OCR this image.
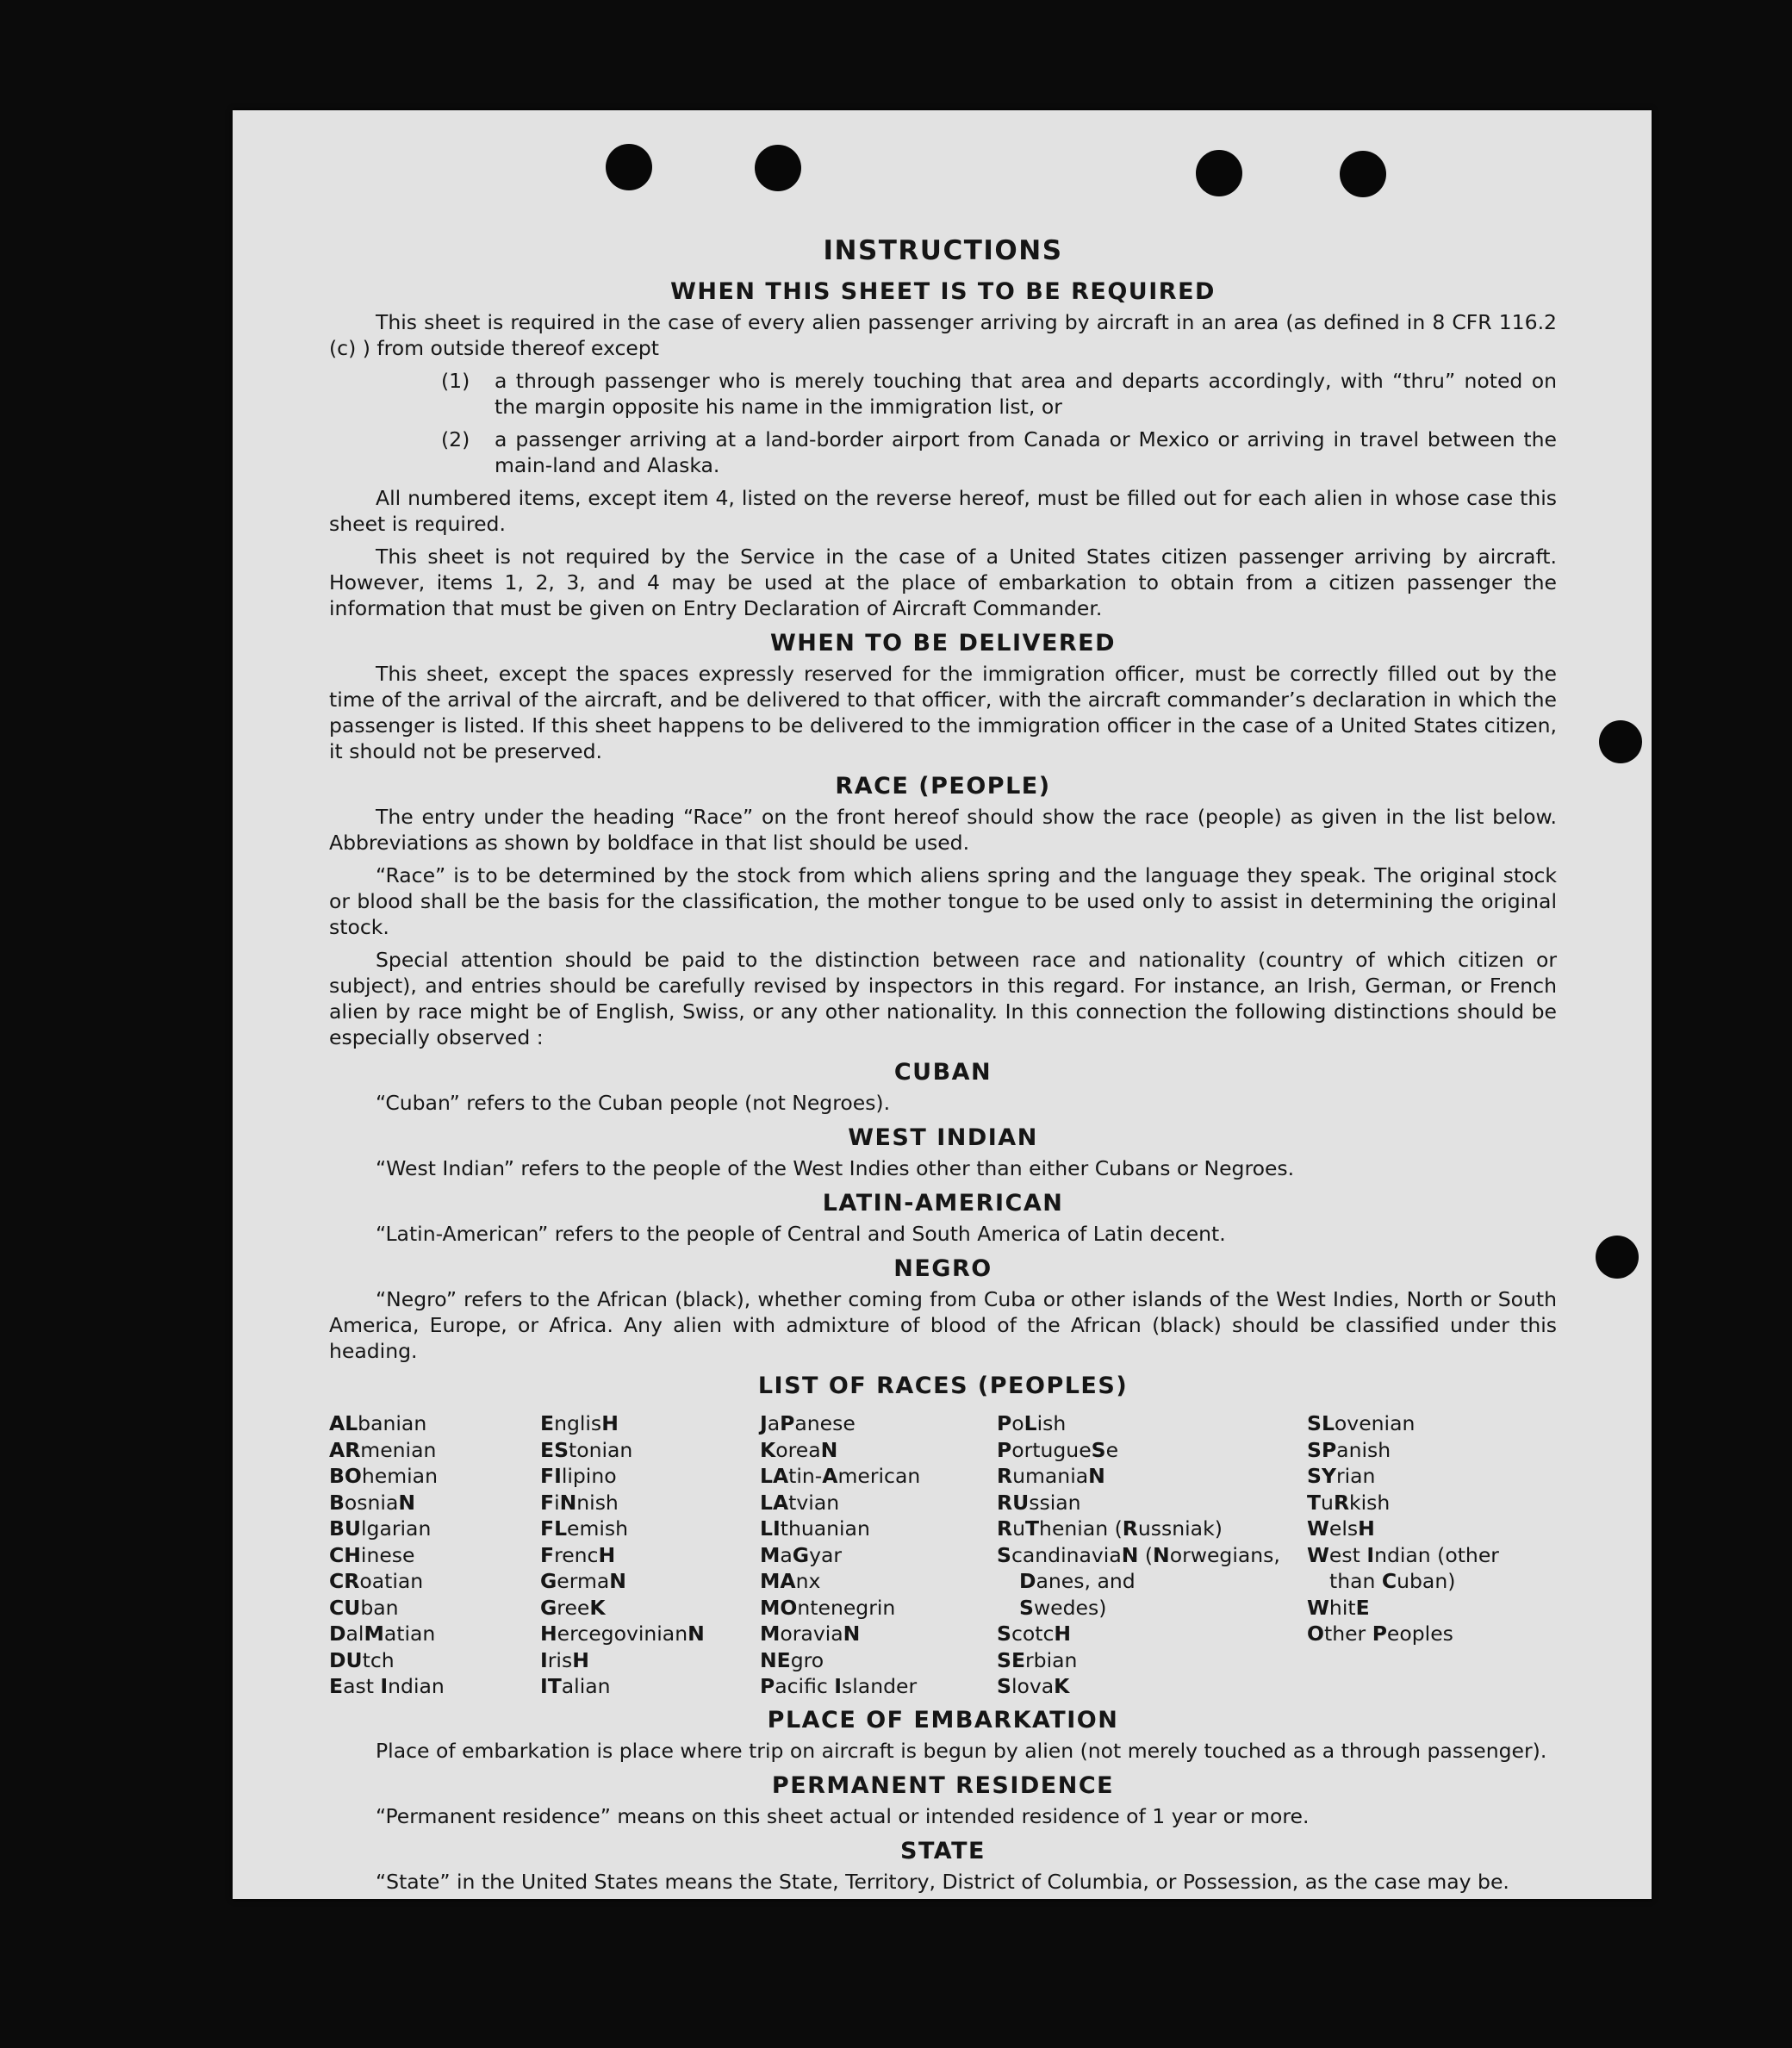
INSTRUCTIONS
WHEN THIS SHEET IS TO BE REQUIRED

This sheet is required in the case of every alien passenger arriving by aircraft in an area (as defined in 8 CFR 116.2 (c) ) from outside thereof except

(1)	a through passenger who is merely touching that area and departs accordingly, with “thru” noted on the margin opposite his name in the immigration list, or
(2)	a passenger arriving at a land-border airport from Canada or Mexico or arriving in travel between the main-land and Alaska.

All numbered items, except item 4, listed on the reverse hereof, must be filled out for each alien in whose case this sheet is required.

This sheet is not required by the Service in the case of a United States citizen passenger arriving by aircraft. However, items 1, 2, 3, and 4 may be used at the place of embarkation to obtain from a citizen passenger the information that must be given on Entry Declaration of Aircraft Commander.

WHEN TO BE DELIVERED

This sheet, except the spaces expressly reserved for the immigration officer, must be correctly filled out by the time of the arrival of the aircraft, and be delivered to that officer, with the aircraft commander’s declaration in which the passenger is listed. If this sheet happens to be delivered to the immigration officer in the case of a United States citizen, it should not be preserved.

RACE (PEOPLE)

The entry under the heading “Race” on the front hereof should show the race (people) as given in the list below. Abbreviations as shown by boldface in that list should be used.

“Race” is to be determined by the stock from which aliens spring and the language they speak. The original stock or blood shall be the basis for the classification, the mother tongue to be used only to assist in determining the original stock.

Special attention should be paid to the distinction between race and nationality (country of which citizen or subject), and entries should be carefully revised by inspectors in this regard. For instance, an Irish, German, or French alien by race might be of English, Swiss, or any other nationality. In this connection the following distinctions should be especially observed :

CUBAN

“Cuban” refers to the Cuban people (not Negroes).

WEST INDIAN

“West Indian” refers to the people of the West Indies other than either Cubans or Negroes.

LATIN-AMERICAN

“Latin-American” refers to the people of Central and South America of Latin decent.

NEGRO

“Negro” refers to the African (black), whether coming from Cuba or other islands of the West Indies, North or South America, Europe, or Africa. Any alien with admixture of blood of the African (black) should be classified under this heading.

LIST OF RACES (PEOPLES)
ALbanian
ARmenian
BOhemian
BosniaN
BUlgarian
CHinese
CRoatian
CUban
DalMatian
DUtch
East Indian
EnglisH
EStonian
FIlipino
FiNnish
FLemish
FrencH
GermaN
GreeK
HercegovinianN
IrisH
ITalian
JaPanese
KoreaN
LAtin-American
LAtvian
LIthuanian
MaGyar
MAnx
MOntenegrin
MoraviaN
NEgro
Pacific Islander
PoLish
PortugueSe
RumaniaN
RUssian
RuThenian (Russniak)
ScandinaviaN (Norwegians,
Danes, and
Swedes)
ScotcH
SErbian
SlovaK
SLovenian
SPanish
SYrian
TuRkish
WelsH
West Indian (other
than Cuban)
WhitE
Other Peoples
PLACE OF EMBARKATION

Place of embarkation is place where trip on aircraft is begun by alien (not merely touched as a through passenger).

PERMANENT RESIDENCE

“Permanent residence” means on this sheet actual or intended residence of 1 year or more.

STATE

“State” in the United States means the State, Territory, District of Columbia, or Possession, as the case may be.
